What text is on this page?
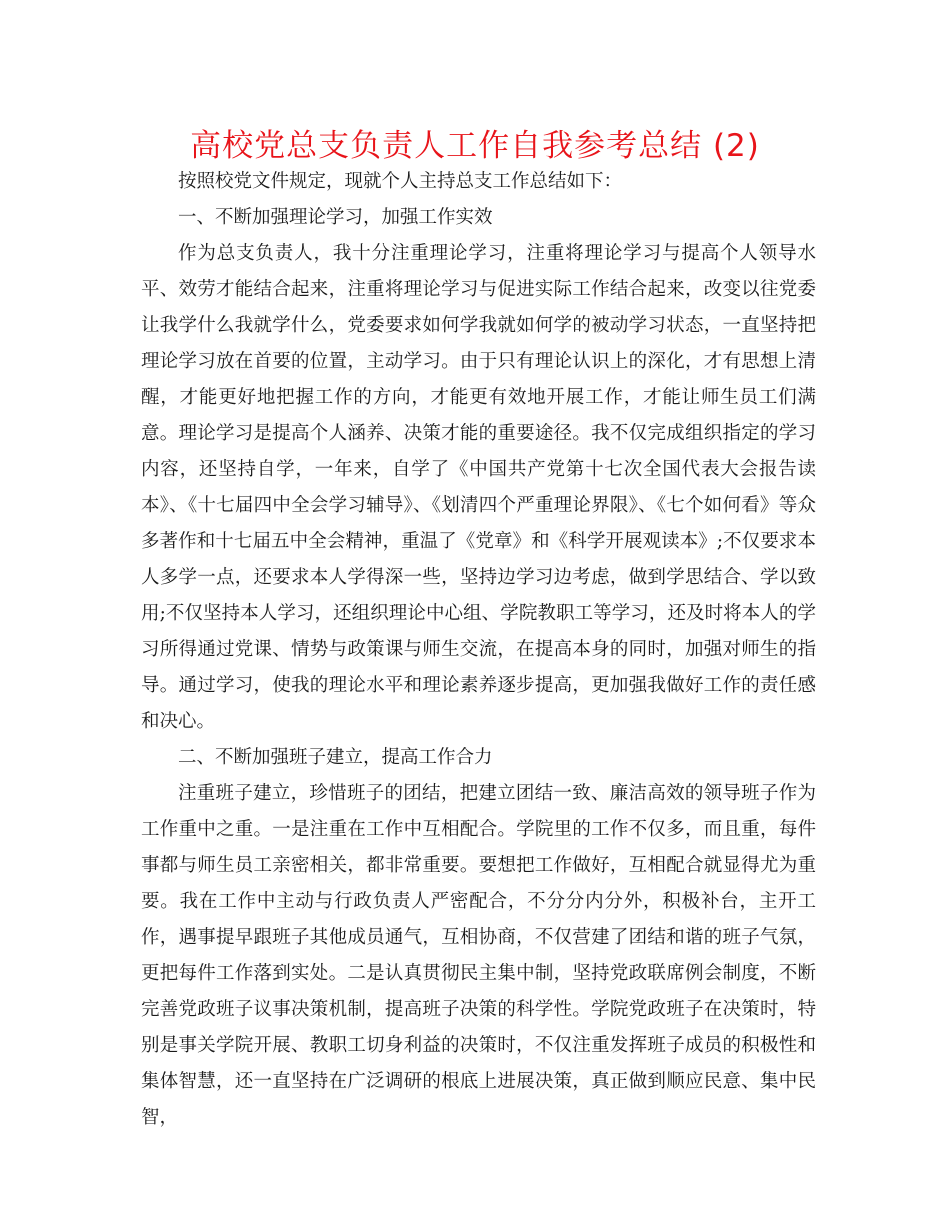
高校党总支负责人工作自我参考总结 (2)

按照校党文件规定，现就个人主持总支工作总结如下：

一、不断加强理论学习，加强工作实效

作为总支负责人，我十分注重理论学习，注重将理论学习与提高个人领导水平、效劳才能结合起来，注重将理论学习与促进实际工作结合起来，改变以往党委让我学什么我就学什么，党委要求如何学我就如何学的被动学习状态，一直坚持把理论学习放在首要的位置，主动学习。由于只有理论认识上的深化，才有思想上清醒，才能更好地把握工作的方向，才能更有效地开展工作，才能让师生员工们满意。理论学习是提高个人涵养、决策才能的重要途径。我不仅完成组织指定的学习内容，还坚持自学，一年来，自学了《中国共产党第十七次全国代表大会报告读本》、《十七届四中全会学习辅导》、《划清四个严重理论界限》、《七个如何看》等众多著作和十七届五中全会精神，重温了《党章》和《科学开展观读本》;不仅要求本人多学一点，还要求本人学得深一些，坚持边学习边考虑，做到学思结合、学以致用;不仅坚持本人学习，还组织理论中心组、学院教职工等学习，还及时将本人的学习所得通过党课、情势与政策课与师生交流，在提高本身的同时，加强对师生的指导。通过学习，使我的理论水平和理论素养逐步提高，更加强我做好工作的责任感和决心。

二、不断加强班子建立，提高工作合力

注重班子建立，珍惜班子的团结，把建立团结一致、廉洁高效的领导班子作为工作重中之重。一是注重在工作中互相配合。学院里的工作不仅多，而且重，每件事都与师生员工亲密相关，都非常重要。要想把工作做好，互相配合就显得尤为重要。我在工作中主动与行政负责人严密配合，不分分内分外，积极补台，主开工作，遇事提早跟班子其他成员通气，互相协商，不仅营建了团结和谐的班子气氛，更把每件工作落到实处。二是认真贯彻民主集中制，坚持党政联席例会制度，不断完善党政班子议事决策机制，提高班子决策的科学性。学院党政班子在决策时，特别是事关学院开展、教职工切身利益的决策时，不仅注重发挥班子成员的积极性和集体智慧，还一直坚持在广泛调研的根底上进展决策，真正做到顺应民意、集中民智，
